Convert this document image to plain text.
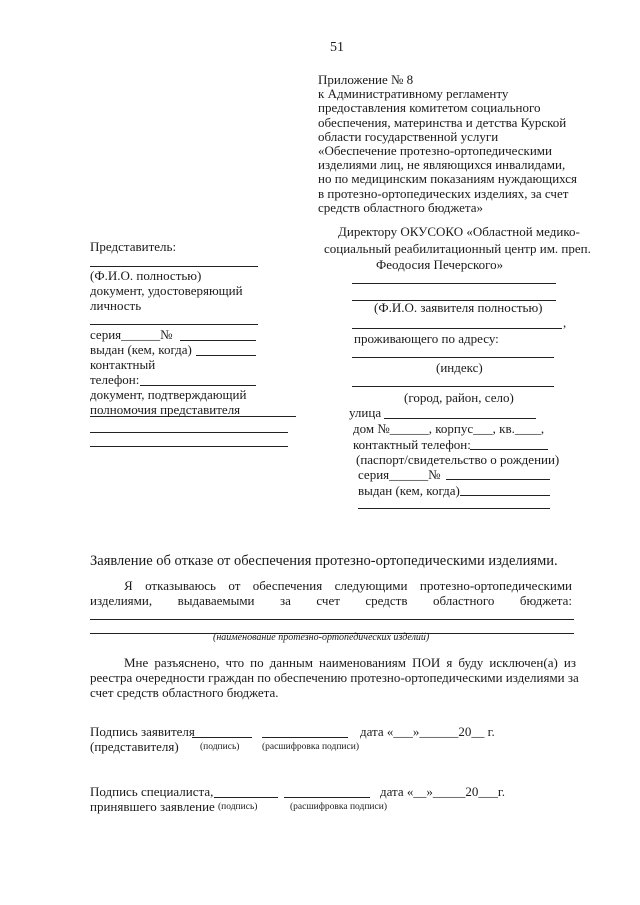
51
Приложение № 8
к Административному регламенту
предоставления комитетом социального
обеспечения, материнства и детства Курской
области государственной услуги
«Обеспечение протезно-ортопедическими
изделиями лиц, не являющихся инвалидами,
но по медицинским показаниям нуждающихся
в протезно-ортопедических изделиях, за счет
средств областного бюджета»
Директору ОКУСОКО «Областной медико-
социальный реабилитационный центр им. преп.
Феодосия Печерского»
(Ф.И.О. заявителя полностью)
,
проживающего по адресу:
(индекс)
(город, район, село)
улица
дом №______, корпус___, кв.____,
контактный телефон:
(паспорт/свидетельство о рождении)
серия______№
выдан (кем, когда)
Представитель:
(Ф.И.О. полностью)
документ, удостоверяющий
личность
серия______№
выдан (кем, когда)
контактный
телефон:
документ, подтверждающий
полномочия представителя
Заявление об отказе от обеспечения протезно-ортопедическими изделиями.
Я отказываюсь от обеспечения следующими протезно-ортопедическими
изделиями, выдаваемыми за счет средств областного бюджета:
(наименование протезно-ортопедических изделий)
Мне разъяснено, что по данным наименованиям ПОИ я буду исключен(а) из
реестра очередности граждан по обеспечению протезно-ортопедическими изделиями за
счет средств областного бюджета.
Подпись заявителя	дата «___»______20__ г.
(представителя) (подпись) (расшифровка подписи)
Подпись специалиста,	дата «__»_____20___г.
принявшего заявление (подпись)	(расшифровка подписи)
